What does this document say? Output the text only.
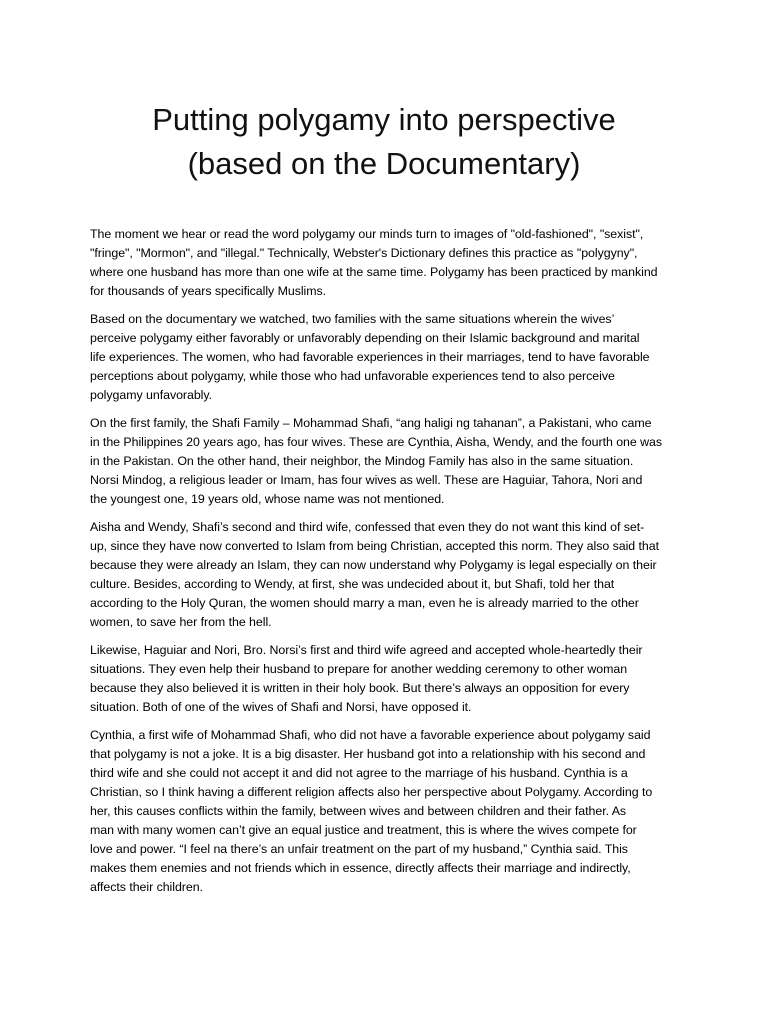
Putting polygamy into perspective
(based on the Documentary)

The moment we hear or read the word polygamy our minds turn to images of "old-fashioned", "sexist",
"fringe", "Mormon", and "illegal." Technically, Webster's Dictionary defines this practice as "polygyny",
where one husband has more than one wife at the same time. Polygamy has been practiced by mankind
for thousands of years specifically Muslims.

Based on the documentary we watched, two families with the same situations wherein the wives’
perceive polygamy either favorably or unfavorably depending on their Islamic background and marital
life experiences. The women, who had favorable experiences in their marriages, tend to have favorable
perceptions about polygamy, while those who had unfavorable experiences tend to also perceive
polygamy unfavorably.

On the first family, the Shafi Family – Mohammad Shafi, “ang haligi ng tahanan”, a Pakistani, who came
in the Philippines 20 years ago, has four wives. These are Cynthia, Aisha, Wendy, and the fourth one was
in the Pakistan. On the other hand, their neighbor, the Mindog Family has also in the same situation.
Norsi Mindog, a religious leader or Imam, has four wives as well. These are Haguiar, Tahora, Nori and
the youngest one, 19 years old, whose name was not mentioned.

Aisha and Wendy, Shafi’s second and third wife, confessed that even they do not want this kind of set-
up, since they have now converted to Islam from being Christian, accepted this norm. They also said that
because they were already an Islam, they can now understand why Polygamy is legal especially on their
culture. Besides, according to Wendy, at first, she was undecided about it, but Shafi, told her that
according to the Holy Quran, the women should marry a man, even he is already married to the other
women, to save her from the hell.

Likewise, Haguiar and Nori, Bro. Norsi’s first and third wife agreed and accepted whole-heartedly their
situations. They even help their husband to prepare for another wedding ceremony to other woman
because they also believed it is written in their holy book. But there’s always an opposition for every
situation. Both of one of the wives of Shafi and Norsi, have opposed it.

Cynthia, a first wife of Mohammad Shafi, who did not have a favorable experience about polygamy said
that polygamy is not a joke. It is a big disaster. Her husband got into a relationship with his second and
third wife and she could not accept it and did not agree to the marriage of his husband. Cynthia is a
Christian, so I think having a different religion affects also her perspective about Polygamy. According to
her, this causes conflicts within the family, between wives and between children and their father. As
man with many women can’t give an equal justice and treatment, this is where the wives compete for
love and power. “I feel na there’s an unfair treatment on the part of my husband,” Cynthia said. This
makes them enemies and not friends which in essence, directly affects their marriage and indirectly,
affects their children.
